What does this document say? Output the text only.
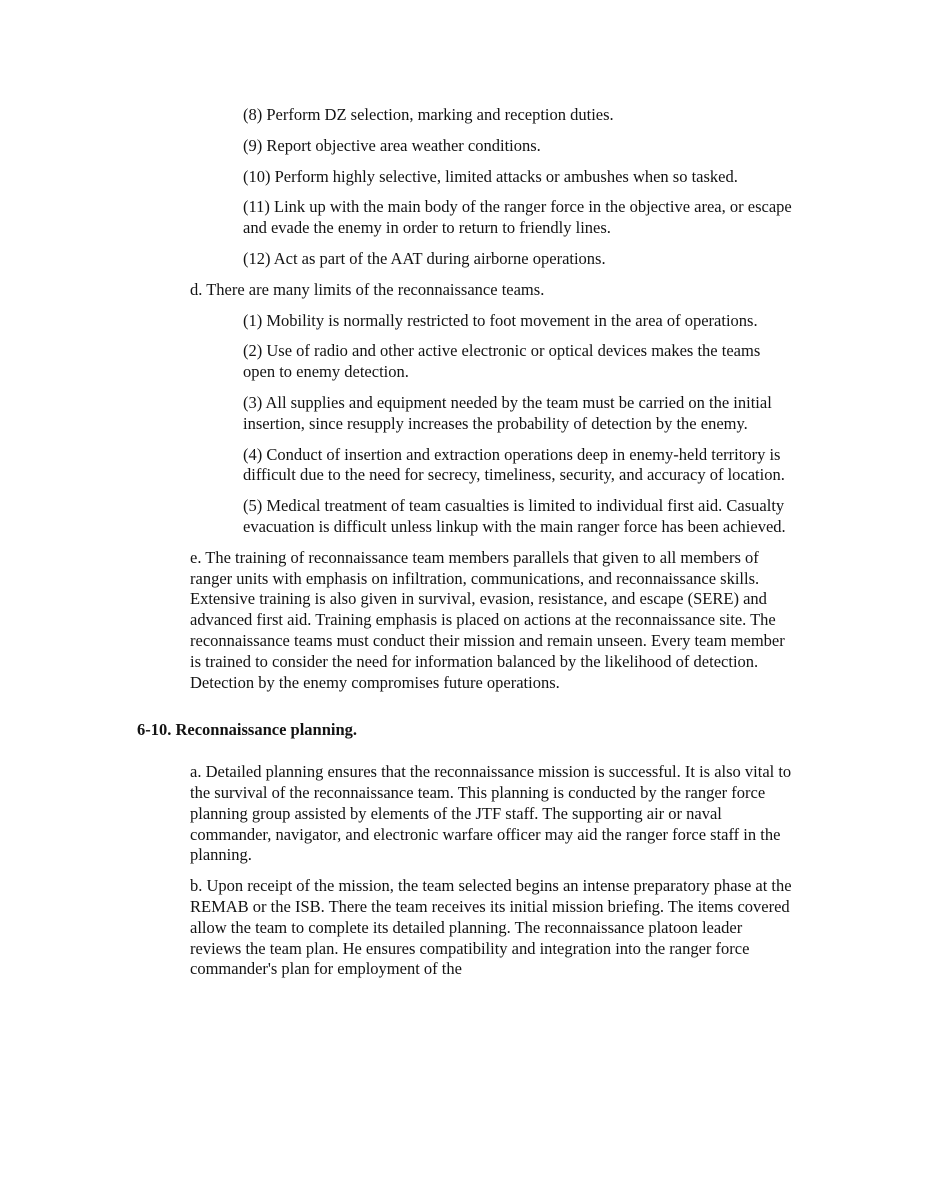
(8) Perform DZ selection, marking and reception duties.

(9) Report objective area weather conditions.

(10) Perform highly selective, limited attacks or ambushes when so tasked.

(11) Link up with the main body of the ranger force in the objective area, or escape and evade the enemy in order to return to friendly lines.

(12) Act as part of the AAT during airborne operations.

d. There are many limits of the reconnaissance teams.

(1) Mobility is normally restricted to foot movement in the area of operations.

(2) Use of radio and other active electronic or optical devices makes the teams open to enemy detection.

(3) All supplies and equipment needed by the team must be carried on the initial insertion, since resupply increases the probability of detection by the enemy.

(4) Conduct of insertion and extraction operations deep in enemy-held territory is difficult due to the need for secrecy, timeliness, security, and accuracy of location.

(5) Medical treatment of team casualties is limited to individual first aid. Casualty evacuation is difficult unless linkup with the main ranger force has been achieved.

e. The training of reconnaissance team members parallels that given to all members of ranger units with emphasis on infiltration, communications, and reconnaissance skills. Extensive training is also given in survival, evasion, resistance, and escape (SERE) and advanced first aid. Training emphasis is placed on actions at the reconnaissance site. The reconnaissance teams must conduct their mission and remain unseen. Every team member is trained to consider the need for information balanced by the likelihood of detection. Detection by the enemy compromises future operations.

6-10. Reconnaissance planning.

a. Detailed planning ensures that the reconnaissance mission is successful. It is also vital to the survival of the reconnaissance team. This planning is conducted by the ranger force planning group assisted by elements of the JTF staff. The supporting air or naval commander, navigator, and electronic warfare officer may aid the ranger force staff in the planning.

b. Upon receipt of the mission, the team selected begins an intense preparatory phase at the REMAB or the ISB. There the team receives its initial mission briefing. The items covered allow the team to complete its detailed planning. The reconnaissance platoon leader reviews the team plan. He ensures compatibility and integration into the ranger force commander's plan for employment of the
